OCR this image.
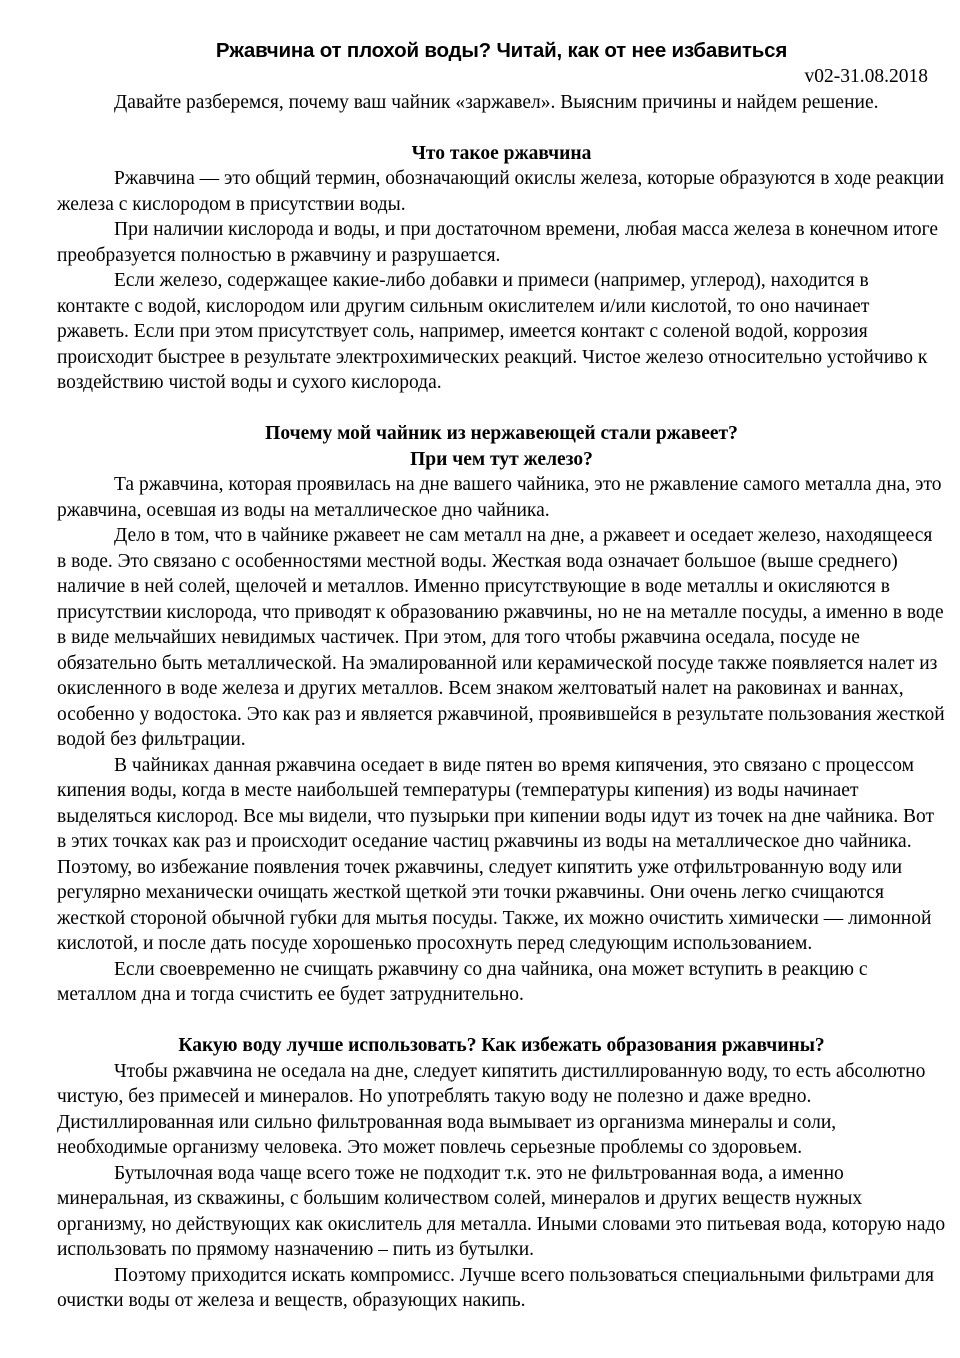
Ржавчина от плохой воды? Читай, как от нее избавиться
v02-31.08.2018

Давайте разберемся, почему ваш чайник «заржавел». Выясним причины и найдем решение.

Что такое ржавчина

Ржавчина — это общий термин, обозначающий окислы железа, которые образуются в ходе реакции железа с кислородом в присутствии воды.

При наличии кислорода и воды, и при достаточном времени, любая масса железа в конечном итоге преобразуется полностью в ржавчину и разрушается.

Если железо, содержащее какие-либо добавки и примеси (например, углерод), находится в контакте с водой, кислородом или другим сильным окислителем и/или кислотой, то оно начинает ржаветь. Если при этом присутствует соль, например, имеется контакт с соленой водой, коррозия происходит быстрее в результате электрохимических реакций. Чистое железо относительно устойчиво к воздействию чистой воды и сухого кислорода.

Почему мой чайник из нержавеющей стали ржавеет?
При чем тут железо?

Та ржавчина, которая проявилась на дне вашего чайника, это не ржавление самого металла дна, это ржавчина, осевшая из воды на металлическое дно чайника.

Дело в том, что в чайнике ржавеет не сам металл на дне, а ржавеет и оседает железо, находящееся в воде. Это связано с особенностями местной воды. Жесткая вода означает большое (выше среднего) наличие в ней солей, щелочей и металлов. Именно присутствующие в воде металлы и окисляются в присутствии кислорода, что приводят к образованию ржавчины, но не на металле посуды, а именно в воде в виде мельчайших невидимых частичек. При этом, для того чтобы ржавчина оседала, посуде не обязательно быть металлической. На эмалированной или керамической посуде также появляется налет из окисленного в воде железа и других металлов. Всем знаком желтоватый налет на раковинах и ваннах, особенно у водостока. Это как раз и является ржавчиной, проявившейся в результате пользования жесткой водой без фильтрации.

В чайниках данная ржавчина оседает в виде пятен во время кипячения, это связано с процессом кипения воды, когда в месте наибольшей температуры (температуры кипения) из воды начинает выделяться кислород. Все мы видели, что пузырьки при кипении воды идут из точек на дне чайника. Вот в этих точках как раз и происходит оседание частиц ржавчины из воды на металлическое дно чайника. Поэтому, во избежание появления точек ржавчины, следует кипятить уже отфильтрованную воду или регулярно механически очищать жесткой щеткой эти точки ржавчины. Они очень легко счищаются жесткой стороной обычной губки для мытья посуды. Также, их можно очистить химически — лимонной кислотой, и после дать посуде хорошенько просохнуть перед следующим использованием.

Если своевременно не счищать ржавчину со дна чайника, она может вступить в реакцию с металлом дна и тогда счистить ее будет затруднительно.

Какую воду лучше использовать? Как избежать образования ржавчины?

Чтобы ржавчина не оседала на дне, следует кипятить дистиллированную воду, то есть абсолютно чистую, без примесей и минералов. Но употреблять такую воду не полезно и даже вредно. Дистиллированная или сильно фильтрованная вода вымывает из организма минералы и соли, необходимые организму человека. Это может повлечь серьезные проблемы со здоровьем.

Бутылочная вода чаще всего тоже не подходит т.к. это не фильтрованная вода, а именно минеральная, из скважины, с большим количеством солей, минералов и других веществ нужных организму, но действующих как окислитель для металла. Иными словами это питьевая вода, которую надо использовать по прямому назначению – пить из бутылки.

Поэтому приходится искать компромисс. Лучше всего пользоваться специальными фильтрами для очистки воды от железа и веществ, образующих накипь.
